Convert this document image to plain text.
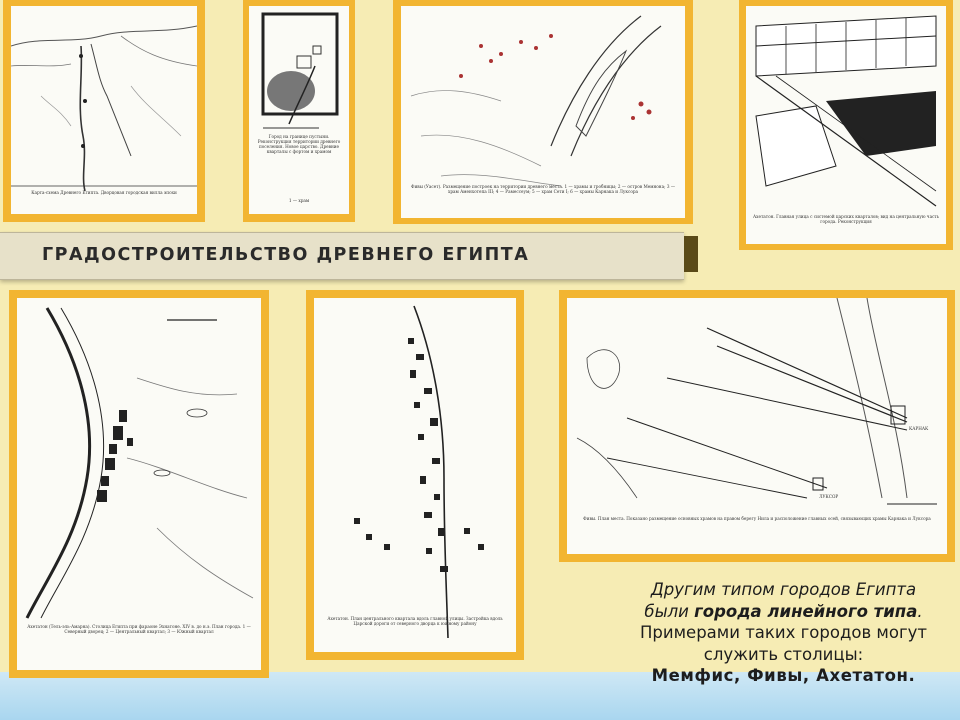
Карта-схема Древнего Египта. Дворцовая городская вилла эпохи
Город на границе пустыни. Реконструкция территории древнего поселения. Новое царство. Древние кварталы с фортом и храмом
1 — храм
Фивы (Уасет). Размещение построек на территории древнего места. 1 — храмы и гробницы; 2 — остров Мемнона; 3 — храм Аменхотепа III; 4 — Рамессеум; 5 — храм Сети I; 6 — храмы Карнака и Луксора
Ахетатон. Главная улица с системой царских кварталов; вид на центральную часть города. Реконструкция
ГРАДОСТРОИТЕЛЬСТВО ДРЕВНЕГО ЕГИПТА
Ахетатон (Тель-эль-Амарна). Столица Египта при фараоне Эхнатоне. XIV в. до н.э. План города. 1 — Северный дворец; 2 — Центральный квартал; 3 — Южный квартал
Ахетатон. План центрального квартала вдоль главной улицы. Застройка вдоль Царской дороги от северного дворца к южному району
КАРНАК
ЛУКСОР
Фивы. План места. Показано размещение основных храмов на правом берегу Нила и расположение главных осей, связывающих храмы Карнака и Луксора
Другим типом городов Египта
были города линейного типа.
Примерами таких городов могут
служить столицы:
Мемфис, Фивы, Ахетатон.
